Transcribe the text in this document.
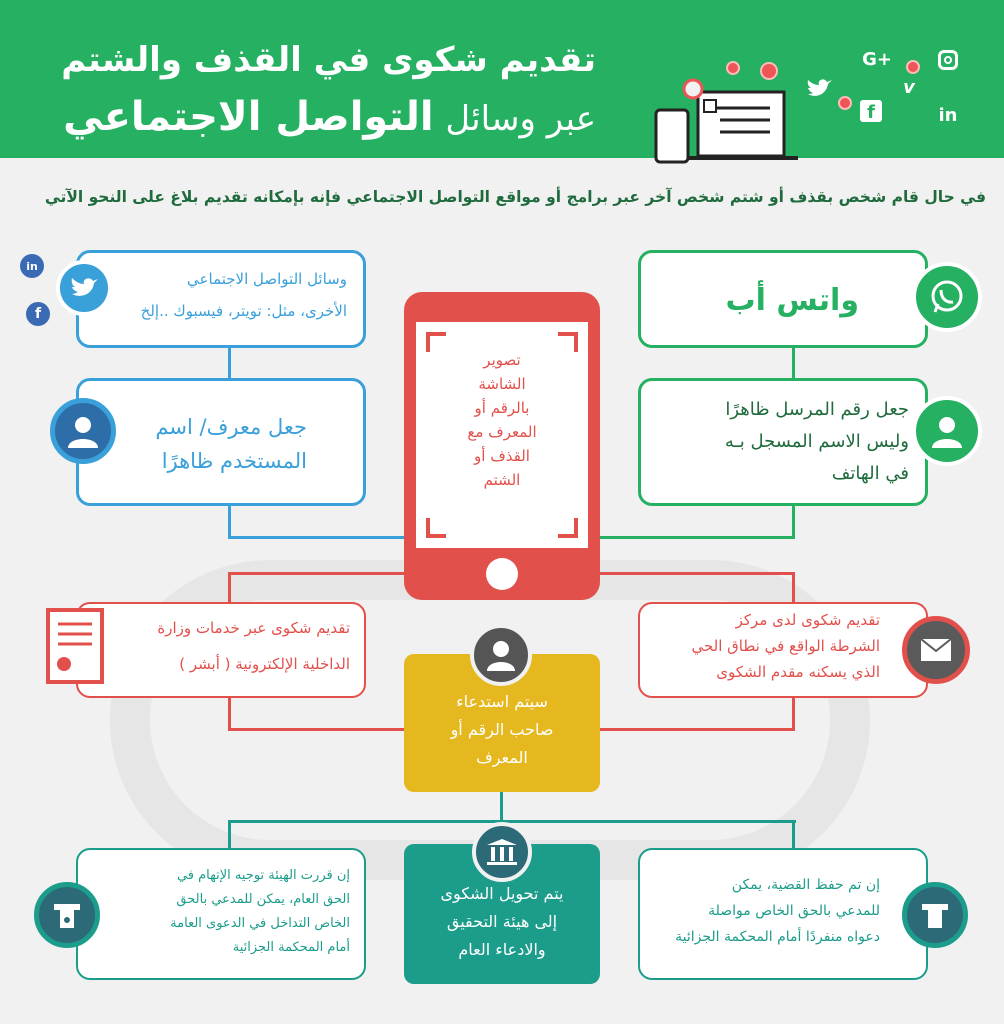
تقديم شكوى في القذف والشتم
عبر وسائل التواصل الاجتماعي
G+
v
f	in
في حال قام شخص بقذف أو شتم شخص آخر عبر برامج أو مواقع التواصل الاجتماعي فإنه بإمكانه تقديم بلاغ على النحو الآتي
in
f
وسائل التواصل الاجتماعي
الأخرى، مثل: تويتر، فيسبوك ..إلخ
جعل معرف/ اسم
المستخدم ظاهرًا
واتس أب
جعل رقم المرسل ظاهرًا
وليس الاسم المسجل بـه
في الهاتف
تصوير
الشاشة
بالرقم أو
المعرف مع
القذف أو
الشتم
تقديم شكوى عبر خدمات وزارة
الداخلية الإلكترونية ( أبشر )
تقديم شكوى لدى مركز
الشرطة الواقع في نطاق الحي
الذي يسكنه مقدم الشكوى
سيتم استدعاء
صاحب الرقم أو
المعرف
يتم تحويل الشكوى
إلى هيئة التحقيق
والادعاء العام
إن قررت الهيئة توجيه الإتهام في
الحق العام، يمكن للمدعي بالحق
الخاص التداخل في الدعوى العامة
أمام المحكمة الجزائية
إن تم حفظ القضية، يمكن
للمدعي بالحق الخاص مواصلة
دعواه منفردًا أمام المحكمة الجزائية
